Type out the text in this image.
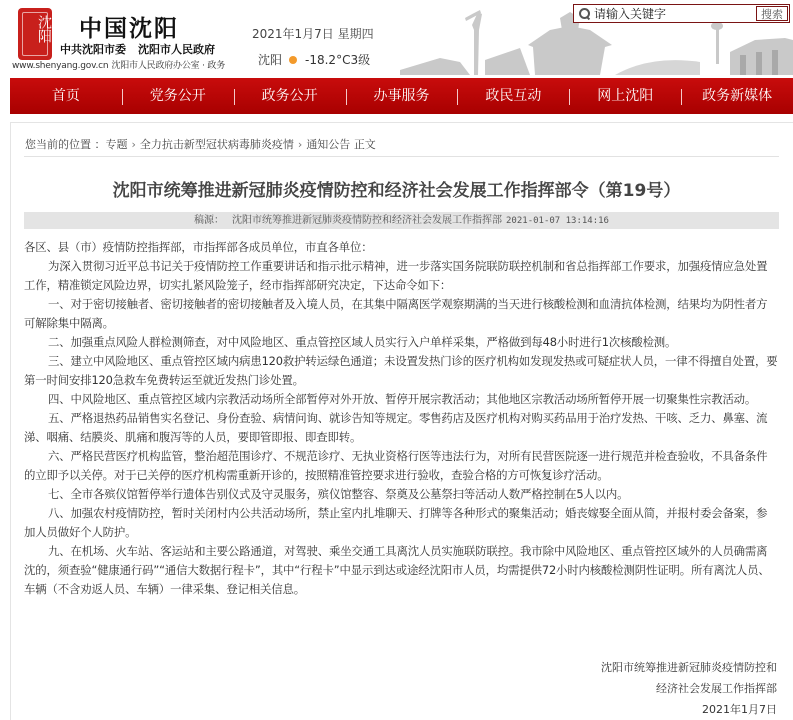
沈阳 中国沈阳
中共沈阳市委 沈阳市人民政府
www.shenyang.gov.cn 沈阳市人民政府办公室 · 政务
2021年1月7日 星期四
沈阳 -18.2°C3级
请输入关键字
搜索
首页	党务公开	政务公开	办事服务	政民互动	网上沈阳	政务新媒体
您当前的位置 ：专题 › 全力抗击新型冠状病毒肺炎疫情 › 通知公告 正文
沈阳市统筹推进新冠肺炎疫情防控和经济社会发展工作指挥部令（第19号）
稿源： 沈阳市统筹推进新冠肺炎疫情防控和经济社会发展工作指挥部 2021-01-07 13:14:16

各区、县（市）疫情防控指挥部，市指挥部各成员单位，市直各单位：

为深入贯彻习近平总书记关于疫情防控工作重要讲话和指示批示精神，进一步落实国务院联防联控机制和省总指挥部工作要求，加强疫情应急处置工作，精准锁定风险边界，切实扎紧风险笼子，经市指挥部研究决定，下达命令如下：

一、对于密切接触者、密切接触者的密切接触者及入境人员，在其集中隔离医学观察期满的当天进行核酸检测和血清抗体检测，结果均为阴性者方可解除集中隔离。

二、加强重点风险人群检测筛查，对中风险地区、重点管控区域人员实行入户单样采集，严格做到每48小时进行1次核酸检测。

三、建立中风险地区、重点管控区域内病患120救护转运绿色通道；未设置发热门诊的医疗机构如发现发热或可疑症状人员，一律不得擅自处置，要第一时间安排120急救车免费转运至就近发热门诊处置。

四、中风险地区、重点管控区域内宗教活动场所全部暂停对外开放、暂停开展宗教活动；其他地区宗教活动场所暂停开展一切聚集性宗教活动。

五、严格退热药品销售实名登记、身份查验、病情问询、就诊告知等规定。零售药店及医疗机构对购买药品用于治疗发热、干咳、乏力、鼻塞、流涕、咽痛、结膜炎、肌痛和腹泻等的人员，要即管即报、即查即转。

六、严格民营医疗机构监管，整治超范围诊疗、不规范诊疗、无执业资格行医等违法行为，对所有民营医院逐一进行规范并检查验收，不具备条件的立即予以关停。对于已关停的医疗机构需重新开诊的，按照精准管控要求进行验收，查验合格的方可恢复诊疗活动。

七、全市各殡仪馆暂停举行遗体告别仪式及守灵服务，殡仪馆整容、祭奠及公墓祭扫等活动人数严格控制在5人以内。

八、加强农村疫情防控，暂时关闭村内公共活动场所，禁止室内扎堆聊天、打牌等各种形式的聚集活动；婚丧嫁娶全面从简，并报村委会备案，参加人员做好个人防护。

九、在机场、火车站、客运站和主要公路通道，对驾驶、乘坐交通工具离沈人员实施联防联控。我市除中风险地区、重点管控区域外的人员确需离沈的，须查验“健康通行码”“通信大数据行程卡”，其中“行程卡”中显示到达或途经沈阳市人员，均需提供72小时内核酸检测阴性证明。所有离沈人员、车辆（不含劝返人员、车辆）一律采集、登记相关信息。

沈阳市统筹推进新冠肺炎疫情防控和
经济社会发展工作指挥部
2021年1月7日
